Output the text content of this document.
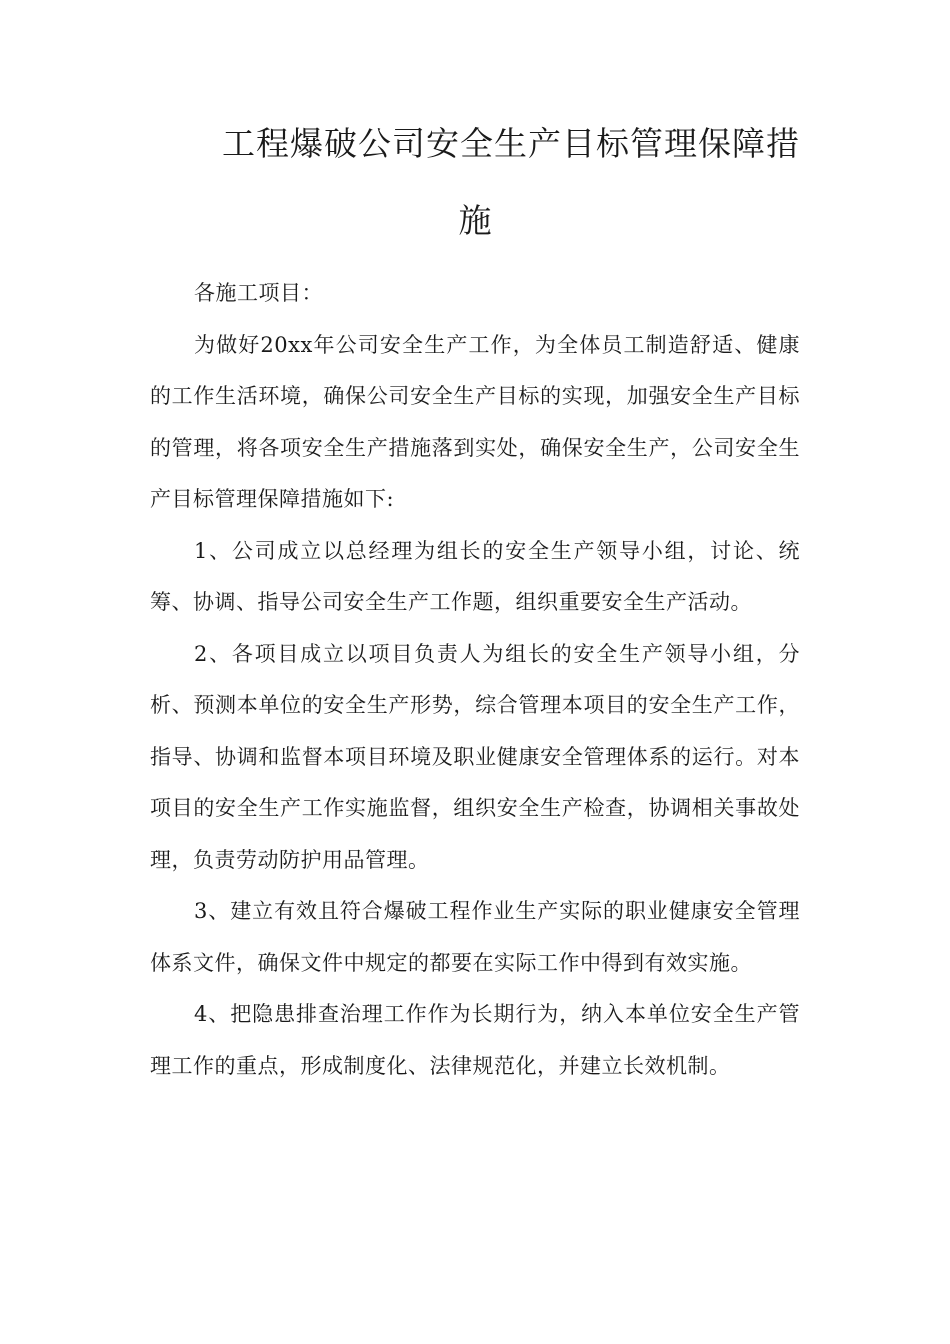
工程爆破公司安全生产目标管理保障措
施

各施工项目：

为做好20xx年公司安全生产工作，为全体员工制造舒适、健康的工作生活环境，确保公司安全生产目标的实现，加强安全生产目标的管理，将各项安全生产措施落到实处，确保安全生产，公司安全生产目标管理保障措施如下:

1、公司成立以总经理为组长的安全生产领导小组，讨论、统筹、协调、指导公司安全生产工作题，组织重要安全生产活动。

2、各项目成立以项目负责人为组长的安全生产领导小组，分析、预测本单位的安全生产形势，综合管理本项目的安全生产工作，指导、协调和监督本项目环境及职业健康安全管理体系的运行。对本项目的安全生产工作实施监督，组织安全生产检查，协调相关事故处理，负责劳动防护用品管理。

3、建立有效且符合爆破工程作业生产实际的职业健康安全管理体系文件，确保文件中规定的都要在实际工作中得到有效实施。

4、把隐患排查治理工作作为长期行为，纳入本单位安全生产管理工作的重点，形成制度化、法律规范化，并建立长效机制。
